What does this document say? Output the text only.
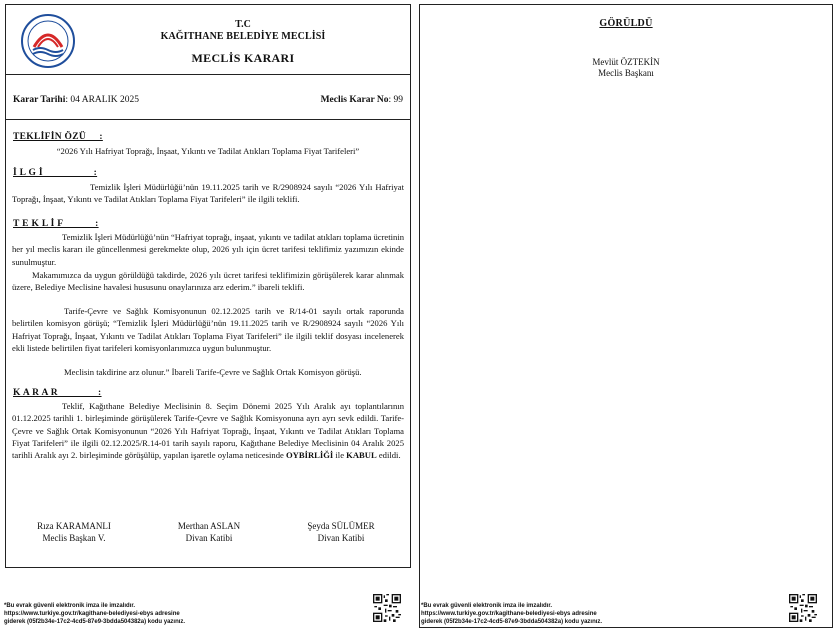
T.C
KAĞITHANE BELEDİYE MECLİSİ
MECLİS KARARI
Karar Tarihi: 04 ARALIK 2025	Meclis Karar No: 99
TEKLİFİN ÖZÜ     :
“2026 Yılı Hafriyat Toprağı, İnşaat, Yıkıntı ve Tadilat Atıkları Toplama Fiyat Tarifeleri”
İ L G İ                   :
Temizlik İşleri Müdürlüğü’nün 19.11.2025 tarih ve R/2908924 sayılı “2026 Yılı Hafriyat Toprağı, İnşaat, Yıkıntı ve Tadilat Atıkları Toplama Fiyat Tarifeleri” ile ilgili teklifi.
T E K L İ F            :
Temizlik İşleri Müdürlüğü’nün “Hafriyat toprağı, inşaat, yıkıntı ve tadilat atıkları toplama ücretinin her yıl meclis kararı ile güncellenmesi gerekmekte olup, 2026 yılı için ücret tarifesi teklifimiz yazımızın ekinde sunulmuştur.
Makamımızca da uygun görüldüğü takdirde, 2026 yılı ücret tarifesi teklifimizin görüşülerek karar alınmak üzere, Belediye Meclisine havalesi hususunu onaylarınıza arz ederim.” ibareli teklifi.
Tarife-Çevre ve Sağlık Komisyonunun 02.12.2025 tarih ve R/14-01 sayılı ortak raporunda belirtilen komisyon görüşü; “Temizlik İşleri Müdürlüğü’nün 19.11.2025 tarih ve R/2908924 sayılı “2026 Yılı Hafriyat Toprağı, İnşaat, Yıkıntı ve Tadilat Atıkları Toplama Fiyat Tarifeleri” ile ilgili teklif dosyası incelenerek ekli listede belirtilen fiyat tarifeleri komisyonlarımızca uygun bulunmuştur.
Meclisin takdirine arz olunur.” İbareli Tarife-Çevre ve Sağlık Ortak Komisyon görüşü.
K A R A R               :
Teklif, Kağıthane Belediye Meclisinin 8. Seçim Dönemi 2025 Yılı Aralık ayı toplantılarının 01.12.2025 tarihli 1. birleşiminde görüşülerek Tarife-Çevre ve Sağlık Komisyonuna ayrı ayrı sevk edildi. Tarife-Çevre ve Sağlık Ortak Komisyonunun “2026 Yılı Hafriyat Toprağı, İnşaat, Yıkıntı ve Tadilat Atıkları Toplama Fiyat Tarifeleri” ile ilgili 02.12.2025/R.14-01 tarih sayılı raporu, Kağıthane Belediye Meclisinin 04 Aralık 2025 tarihli Aralık ayı 2. birleşiminde görüşülüp, yapılan işaretle oylama neticesinde OYBİRLİĞİ ile KABUL edildi.
Rıza KARAMANLI
Meclis Başkan V.
Merthan ASLAN
Divan Katibi
Şeyda SÜLÜMER
Divan Katibi
*Bu evrak güvenli elektronik imza ile imzalıdır.
https://www.turkiye.gov.tr/kagithane-belediyesi-ebys adresine
giderek (05f2b34e-17c2-4cd5-87e9-3bdda504382a) kodu yazınız.
GÖRÜLDÜ
Mevlüt ÖZTEKİN
Meclis Başkanı
*Bu evrak güvenli elektronik imza ile imzalıdır.
https://www.turkiye.gov.tr/kagithane-belediyesi-ebys adresine
giderek (05f2b34e-17c2-4cd5-87e9-3bdda504382a) kodu yazınız.
